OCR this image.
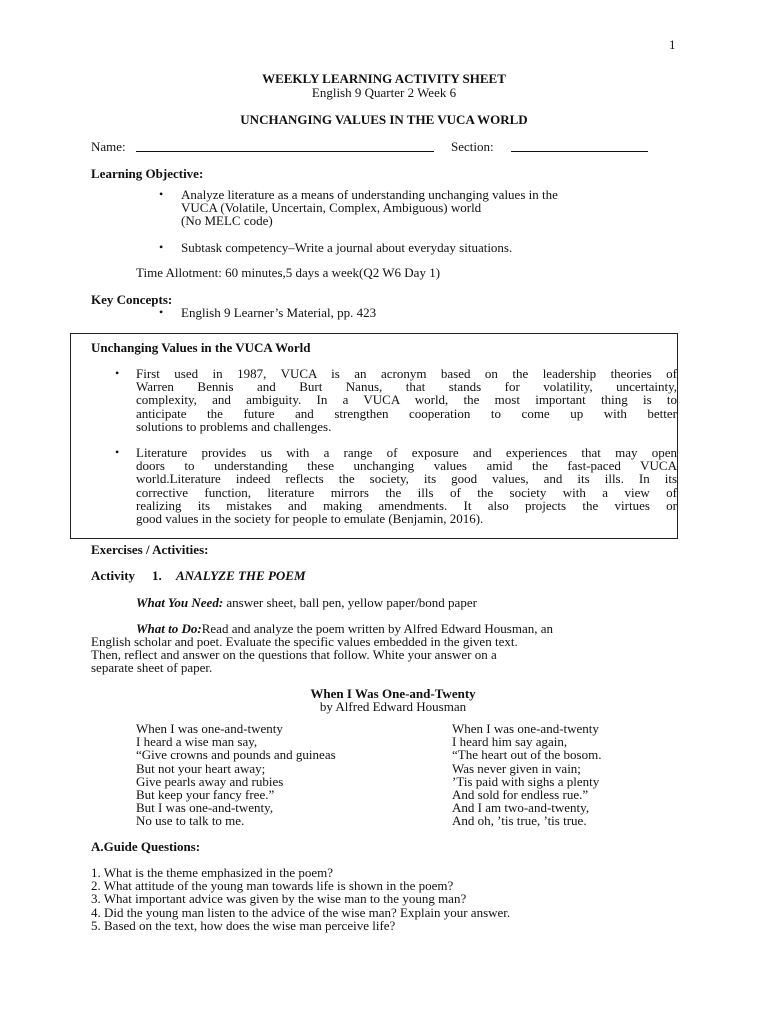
1
WEEKLY LEARNING ACTIVITY SHEET
English 9 Quarter 2 Week 6
UNCHANGING VALUES IN THE VUCA WORLD
Name:	Section:
Learning Objective:
• Analyze literature as a means of understanding unchanging values in the
VUCA (Volatile, Uncertain, Complex, Ambiguous) world
(No MELC code)
• Subtask competency–Write a journal about everyday situations.
Time Allotment: 60 minutes,5 days a week(Q2 W6 Day 1)
Key Concepts:
• English 9 Learner’s Material, pp. 423
Unchanging Values in the VUCA World
• First used in 1987, VUCA is an acronym based on the leadership theories of
Warren Bennis and Burt Nanus, that stands for volatility, uncertainty,
complexity, and ambiguity. In a VUCA world, the most important thing is to
anticipate the future and strengthen cooperation to come up with better
solutions to problems and challenges.
• Literature provides us with a range of exposure and experiences that may open
doors to understanding these unchanging values amid the fast-paced VUCA
world.Literature indeed reflects the society, its good values, and its ills. In its
corrective function, literature mirrors the ills of the society with a view of
realizing its mistakes and making amendments. It also projects the virtues or
good values in the society for people to emulate (Benjamin, 2016).
Exercises / Activities:
Activity 1. ANALYZE THE POEM
What You Need: answer sheet, ball pen, yellow paper/bond paper
What to Do:Read and analyze the poem written by Alfred Edward Housman, an
English scholar and poet. Evaluate the specific values embedded in the given text.
Then, reflect and answer on the questions that follow. White your answer on a
separate sheet of paper.
When I Was One-and-Twenty
by Alfred Edward Housman
When I was one-and-twenty
I heard a wise man say,
“Give crowns and pounds and guineas
But not your heart away;
Give pearls away and rubies
But keep your fancy free.”
But I was one-and-twenty,
No use to talk to me.
When I was one-and-twenty
I heard him say again,
“The heart out of the bosom.
Was never given in vain;
’Tis paid with sighs a plenty
And sold for endless rue.”
And I am two-and-twenty,
And oh, ’tis true, ’tis true.
A.Guide Questions:
1. What is the theme emphasized in the poem?
2. What attitude of the young man towards life is shown in the poem?
3. What important advice was given by the wise man to the young man?
4. Did the young man listen to the advice of the wise man? Explain your answer.
5. Based on the text, how does the wise man perceive life?
